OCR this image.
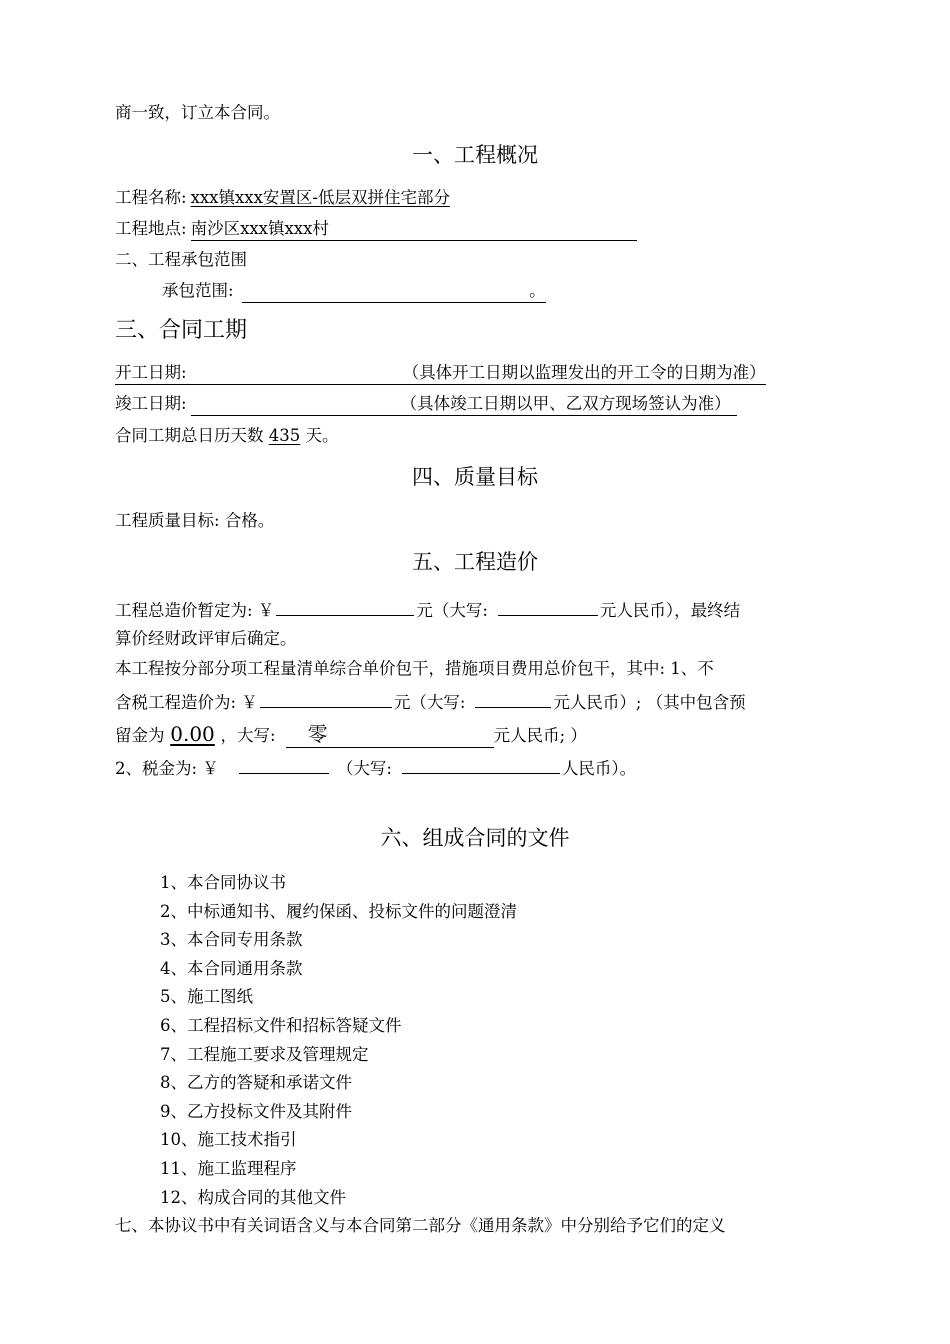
商一致，订立本合同。
一、工程概况
工程名称: xxx镇xxx安置区-低层双拼住宅部分
工程地点: 南沙区xxx镇xxx村
二、工程承包范围
承包范围:	。
三、合同工期
开工日期:	（具体开工日期以监理发出的开工令的日期为准）
竣工日期:	（具体竣工日期以甲、乙双方现场签认为准）
合同工期总日历天数 435 天。
四、质量目标
工程质量目标: 合格。
五、工程造价
工程总造价暂定为: ￥	元（大写:	元人民币），最终结
算价经财政评审后确定。
本工程按分部分项工程量清单综合单价包干，措施项目费用总价包干，其中: 1、不
含税工程造价为: ￥	元（大写:	元人民币）; （其中包含预
留金为 0.00 ，大写: 零	元人民币; ）
2、税金为: ￥	（大写:	人民币）。
六、组成合同的文件
1、本合同协议书
2、中标通知书、履约保函、投标文件的问题澄清
3、本合同专用条款
4、本合同通用条款
5、施工图纸
6、工程招标文件和招标答疑文件
7、工程施工要求及管理规定
8、乙方的答疑和承诺文件
9、乙方投标文件及其附件
10、施工技术指引
11、施工监理程序
12、构成合同的其他文件
七、本协议书中有关词语含义与本合同第二部分《通用条款》中分别给予它们的定义
